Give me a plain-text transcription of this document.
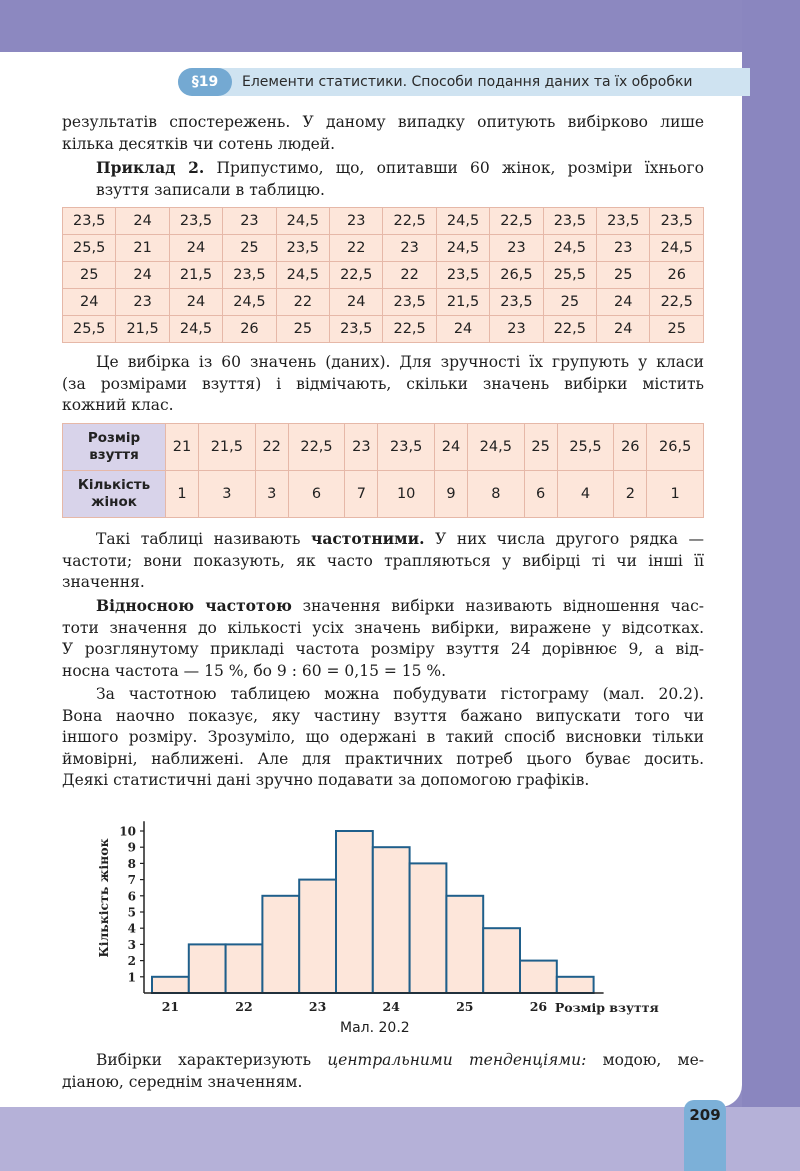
§19	Елементи статистики. Способи подання даних та їх обробки

результатів спостережень. У даному випадку опитують вибірково лише
кілька десятків чи сотень людей.

Приклад 2. Припустимо, що, опитавши 60 жінок, розміри їхнього
взуття записали в таблицю.

23,5	24	23,5	23	24,5	23	22,5	24,5	22,5	23,5	23,5	23,5
25,5	21	24	25	23,5	22	23	24,5	23	24,5	23	24,5
25	24	21,5	23,5	24,5	22,5	22	23,5	26,5	25,5	25	26
24	23	24	24,5	22	24	23,5	21,5	23,5	25	24	22,5
25,5	21,5	24,5	26	25	23,5	22,5	24	23	22,5	24	25

Це вибірка із 60 значень (даних). Для зручності їх групують у класи
(за розмірами взуття) і відмічають, скільки значень вибірки містить
кожний клас.

Розмір
взуття	21	21,5	22	22,5	23	23,5	24	24,5	25	25,5	26	26,5
Кількість
жінок	1	3	3	6	7	10	9	8	6	4	2	1

Такі таблиці називають частотними. У них числа другого рядка —
частоти; вони показують, як часто трапляються у вибірці ті чи інші її
значення.

Відносною частотою значення вибірки називають відношення час-
тоти значення до кількості усіх значень вибірки, виражене у відсотках.
У розглянутому прикладі частота розміру взуття 24 дорівнює 9, а від-
носна частота — 15 %, бо 9 : 60 = 0,15 = 15 %.

За частотною таблицею можна побудувати гістограму (мал. 20.2).
Вона наочно показує, яку частину взуття бажано випускати того чи
іншого розміру. Зрозуміло, що одержані в такий спосіб висновки тільки
ймовірні, наближені. Але для практичних потреб цього буває досить.
Деякі статистичні дані зручно подавати за допомогою графіків.

1
2
3
4
5
6
7
8
9
10
21	22	23	24	25	26 Розмір взуття
Кількість жінок
Мал. 20.2

Вибірки характеризують центральними тенденціями: модою, ме-
діаною, середнім значенням.

209
